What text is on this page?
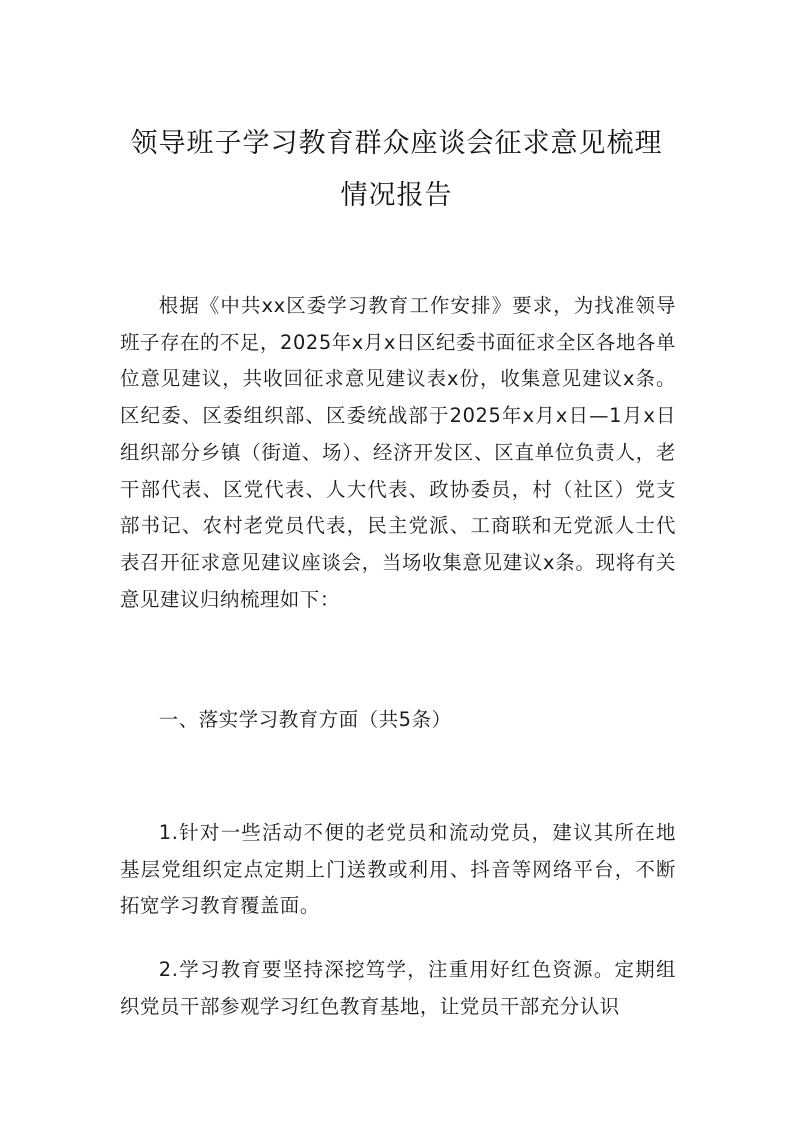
领导班子学习教育群众座谈会征求意见梳理情况报告

根据《中共xx区委学习教育工作安排》要求，为找准领导班子存在的不足，2025年x月x日区纪委书面征求全区各地各单位意见建议，共收回征求意见建议表x份，收集意见建议x条。区纪委、区委组织部、区委统战部于2025年x月x日—1月x日组织部分乡镇（街道、场）、经济开发区、区直单位负责人，老干部代表、区党代表、人大代表、政协委员，村（社区）党支部书记、农村老党员代表，民主党派、工商联和无党派人士代表召开征求意见建议座谈会，当场收集意见建议x条。现将有关意见建议归纳梳理如下：

一、落实学习教育方面（共5条）

1.针对一些活动不便的老党员和流动党员，建议其所在地基层党组织定点定期上门送教或利用、抖音等网络平台，不断拓宽学习教育覆盖面。

2.学习教育要坚持深挖笃学，注重用好红色资源。定期组织党员干部参观学习红色教育基地，让党员干部充分认识
